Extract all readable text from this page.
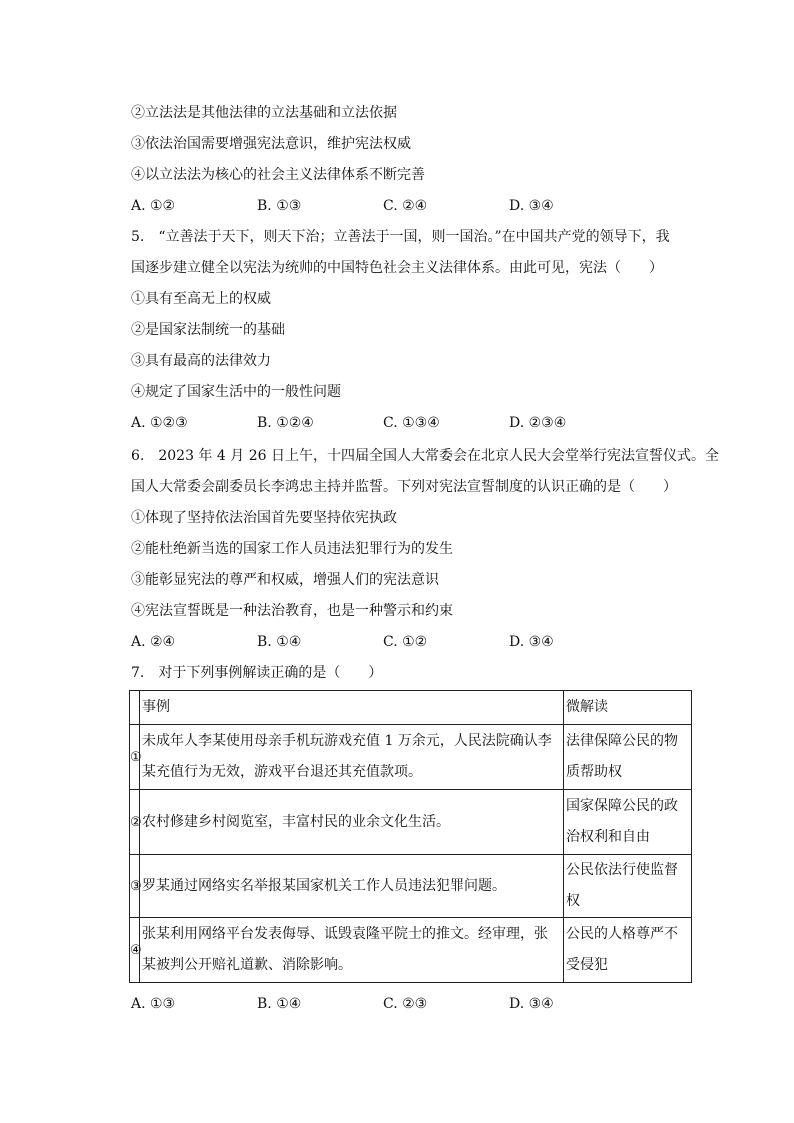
②立法法是其他法律的立法基础和立法依据
③依法治国需要增强宪法意识，维护宪法权威
④以立法法为核心的社会主义法律体系不断完善
A. ①②	B. ①③	C. ②④	D. ③④
5.　“立善法于天下，则天下治；立善法于一国，则一国治。”在中国共产党的领导下，我
国逐步建立健全以宪法为统帅的中国特色社会主义法律体系。由此可见，宪法（　　）
①具有至高无上的权威
②是国家法制统一的基础
③具有最高的法律效力
④规定了国家生活中的一般性问题
A. ①②③	B. ①②④	C. ①③④	D. ②③④
6.　2023 年 4 月 26 日上午，十四届全国人大常委会在北京人民大会堂举行宪法宣誓仪式。全
国人大常委会副委员长李鸿忠主持并监誓。下列对宪法宣誓制度的认识正确的是（　　）
①体现了坚持依法治国首先要坚持依宪执政
②能杜绝新当选的国家工作人员违法犯罪行为的发生
③能彰显宪法的尊严和权威，增强人们的宪法意识
④宪法宣誓既是一种法治教育，也是一种警示和约束
A. ②④	B. ①④	C. ①②	D. ③④
7.　对于下列事例解读正确的是（　　）
	事例	微解读
①	未成年人李某使用母亲手机玩游戏充值 1 万余元，人民法院确认李某充值行为无效，游戏平台退还其充值款项。	法律保障公民的物质帮助权
②	农村修建乡村阅览室，丰富村民的业余文化生活。	国家保障公民的政治权利和自由
③	罗某通过网络实名举报某国家机关工作人员违法犯罪问题。	公民依法行使监督权
④	张某利用网络平台发表侮辱、诋毁袁隆平院士的推文。经审理，张某被判公开赔礼道歉、消除影响。	公民的人格尊严不受侵犯
A. ①③	B. ①④	C. ②③	D. ③④
